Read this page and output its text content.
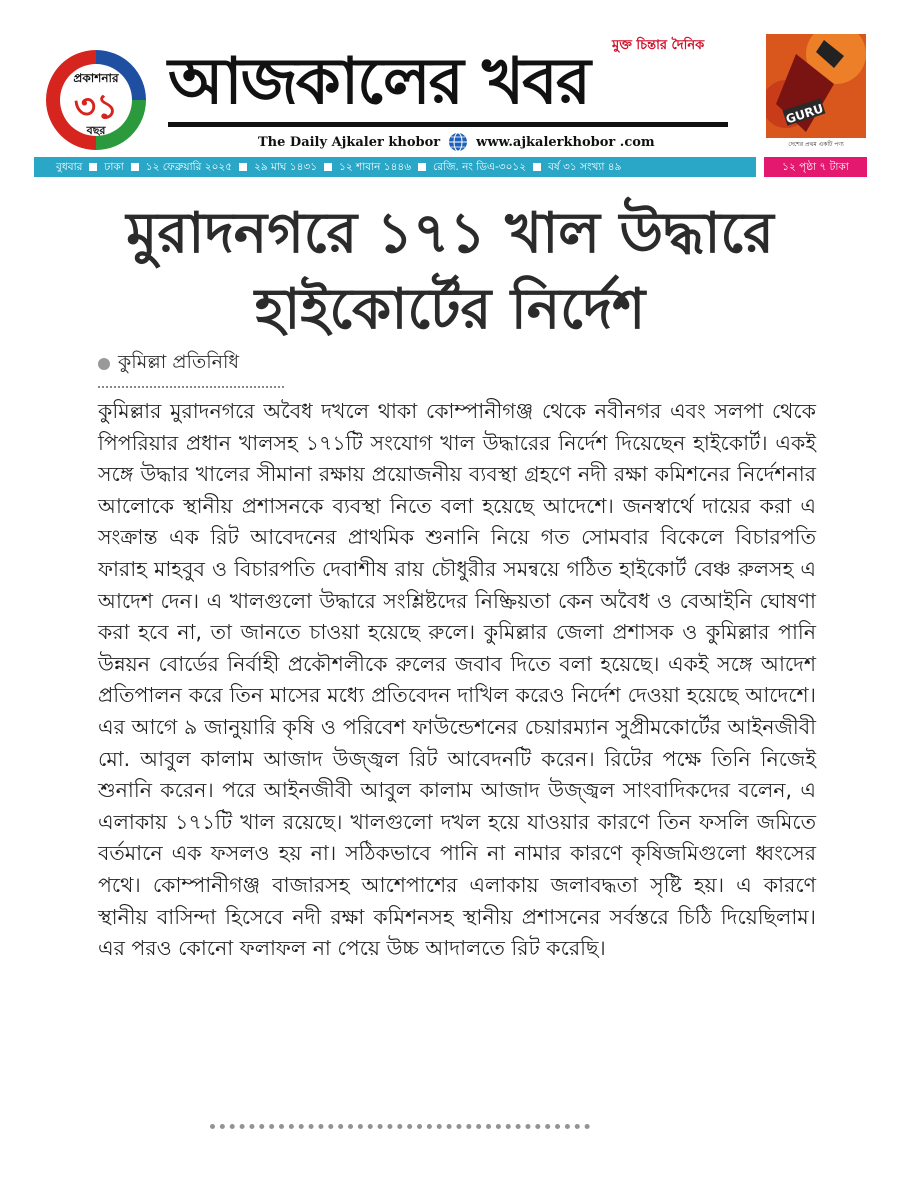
প্রকাশনার
৩১
বছর
মুক্ত চিন্তার দৈনিক
আজকালের খবর
The Daily Ajkaler khobor	www.ajkalerkhobor .com
GURU
দেশের প্রথম একটি পণ্য
বুধবার ঢাকা ১২ ফেব্রুয়ারি ২০২৫ ২৯ মাঘ ১৪৩১ ১২ শাবান ১৪৪৬ রেজি. নং ডিএ-৩০১২ বর্ষ ৩১ সংখ্যা ৪৯	১২ পৃষ্ঠা ৭ টাকা
মুরাদনগরে ১৭১ খাল উদ্ধারে
হাইকোর্টের নির্দেশ
কুমিল্লা প্রতিনিধি
কুমিল্লার মুরাদনগরে অবৈধ দখলে থাকা কোম্পানীগঞ্জ থেকে নবীনগর এবং সলপা থেকে পিপরিয়ার প্রধান খালসহ ১৭১টি সংযোগ খাল উদ্ধারের নির্দেশ দিয়েছেন হাইকোর্ট। একই সঙ্গে উদ্ধার খালের সীমানা রক্ষায় প্রয়োজনীয় ব্যবস্থা গ্রহণে নদী রক্ষা কমিশনের নির্দেশনার আলোকে স্থানীয় প্রশাসনকে ব্যবস্থা নিতে বলা হয়েছে আদেশে। জনস্বার্থে দায়ের করা এ সংক্রান্ত এক রিট আবেদনের প্রাথমিক শুনানি নিয়ে গত সোমবার বিকেলে বিচারপতি ফারাহ মাহবুব ও বিচারপতি দেবাশীষ রায় চৌধুরীর সমন্বয়ে গঠিত হাইকোর্ট বেঞ্চ রুলসহ এ আদেশ দেন। এ খালগুলো উদ্ধারে সংশ্লিষ্টদের নিষ্ক্রিয়তা কেন অবৈধ ও বেআইনি ঘোষণা করা হবে না, তা জানতে চাওয়া হয়েছে রুলে। কুমিল্লার জেলা প্রশাসক ও কুমিল্লার পানি উন্নয়ন বোর্ডের নির্বাহী প্রকৌশলীকে রুলের জবাব দিতে বলা হয়েছে। একই সঙ্গে আদেশ প্রতিপালন করে তিন মাসের মধ্যে প্রতিবেদন দাখিল করেও নির্দেশ দেওয়া হয়েছে আদেশে। এর আগে ৯ জানুয়ারি কৃষি ও পরিবেশ ফাউন্ডেশনের চেয়ারম্যান সুপ্রীমকোর্টের আইনজীবী মো. আবুল কালাম আজাদ উজ্জ্বল রিট আবেদনটি করেন। রিটের পক্ষে তিনি নিজেই শুনানি করেন। পরে আইনজীবী আবুল কালাম আজাদ উজ্জ্বল সাংবাদিকদের বলেন, এ এলাকায় ১৭১টি খাল রয়েছে। খালগুলো দখল হয়ে যাওয়ার কারণে তিন ফসলি জমিতে বর্তমানে এক ফসলও হয় না। সঠিকভাবে পানি না নামার কারণে কৃষিজমিগুলো ধ্বংসের পথে। কোম্পানীগঞ্জ বাজারসহ আশেপাশের এলাকায় জলাবদ্ধতা সৃষ্টি হয়। এ কারণে স্থানীয় বাসিন্দা হিসেবে নদী রক্ষা কমিশনসহ স্থানীয় প্রশাসনের সর্বস্তরে চিঠি দিয়েছিলাম। এর পরও কোনো ফলাফল না পেয়ে উচ্চ আদালতে রিট করেছি।
